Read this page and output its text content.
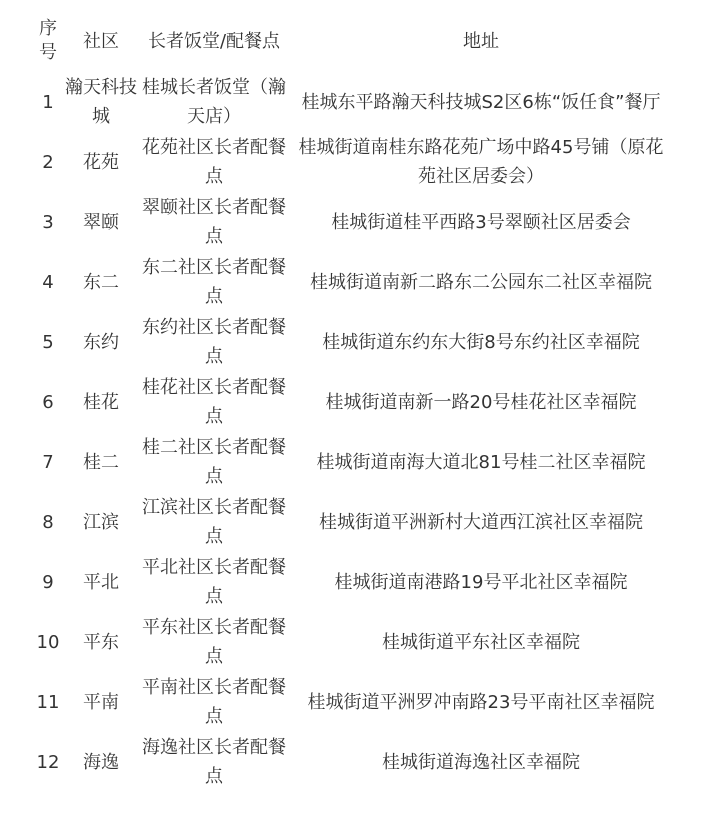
序号	社区	长者饭堂/配餐点	地址
1	瀚天科技城	桂城长者饭堂（瀚天店）	桂城东平路瀚天科技城S2区6栋“饭任食”餐厅
2	花苑	花苑社区长者配餐点	桂城街道南桂东路花苑广场中路45号铺（原花苑社区居委会）
3	翠颐	翠颐社区长者配餐点	桂城街道桂平西路3号翠颐社区居委会
4	东二	东二社区长者配餐点	桂城街道南新二路东二公园东二社区幸福院
5	东约	东约社区长者配餐点	桂城街道东约东大街8号东约社区幸福院
6	桂花	桂花社区长者配餐点	桂城街道南新一路20号桂花社区幸福院
7	桂二	桂二社区长者配餐点	桂城街道南海大道北81号桂二社区幸福院
8	江滨	江滨社区长者配餐点	桂城街道平洲新村大道西江滨社区幸福院
9	平北	平北社区长者配餐点	桂城街道南港路19号平北社区幸福院
10	平东	平东社区长者配餐点	桂城街道平东社区幸福院
11	平南	平南社区长者配餐点	桂城街道平洲罗冲南路23号平南社区幸福院
12	海逸	海逸社区长者配餐点	桂城街道海逸社区幸福院
